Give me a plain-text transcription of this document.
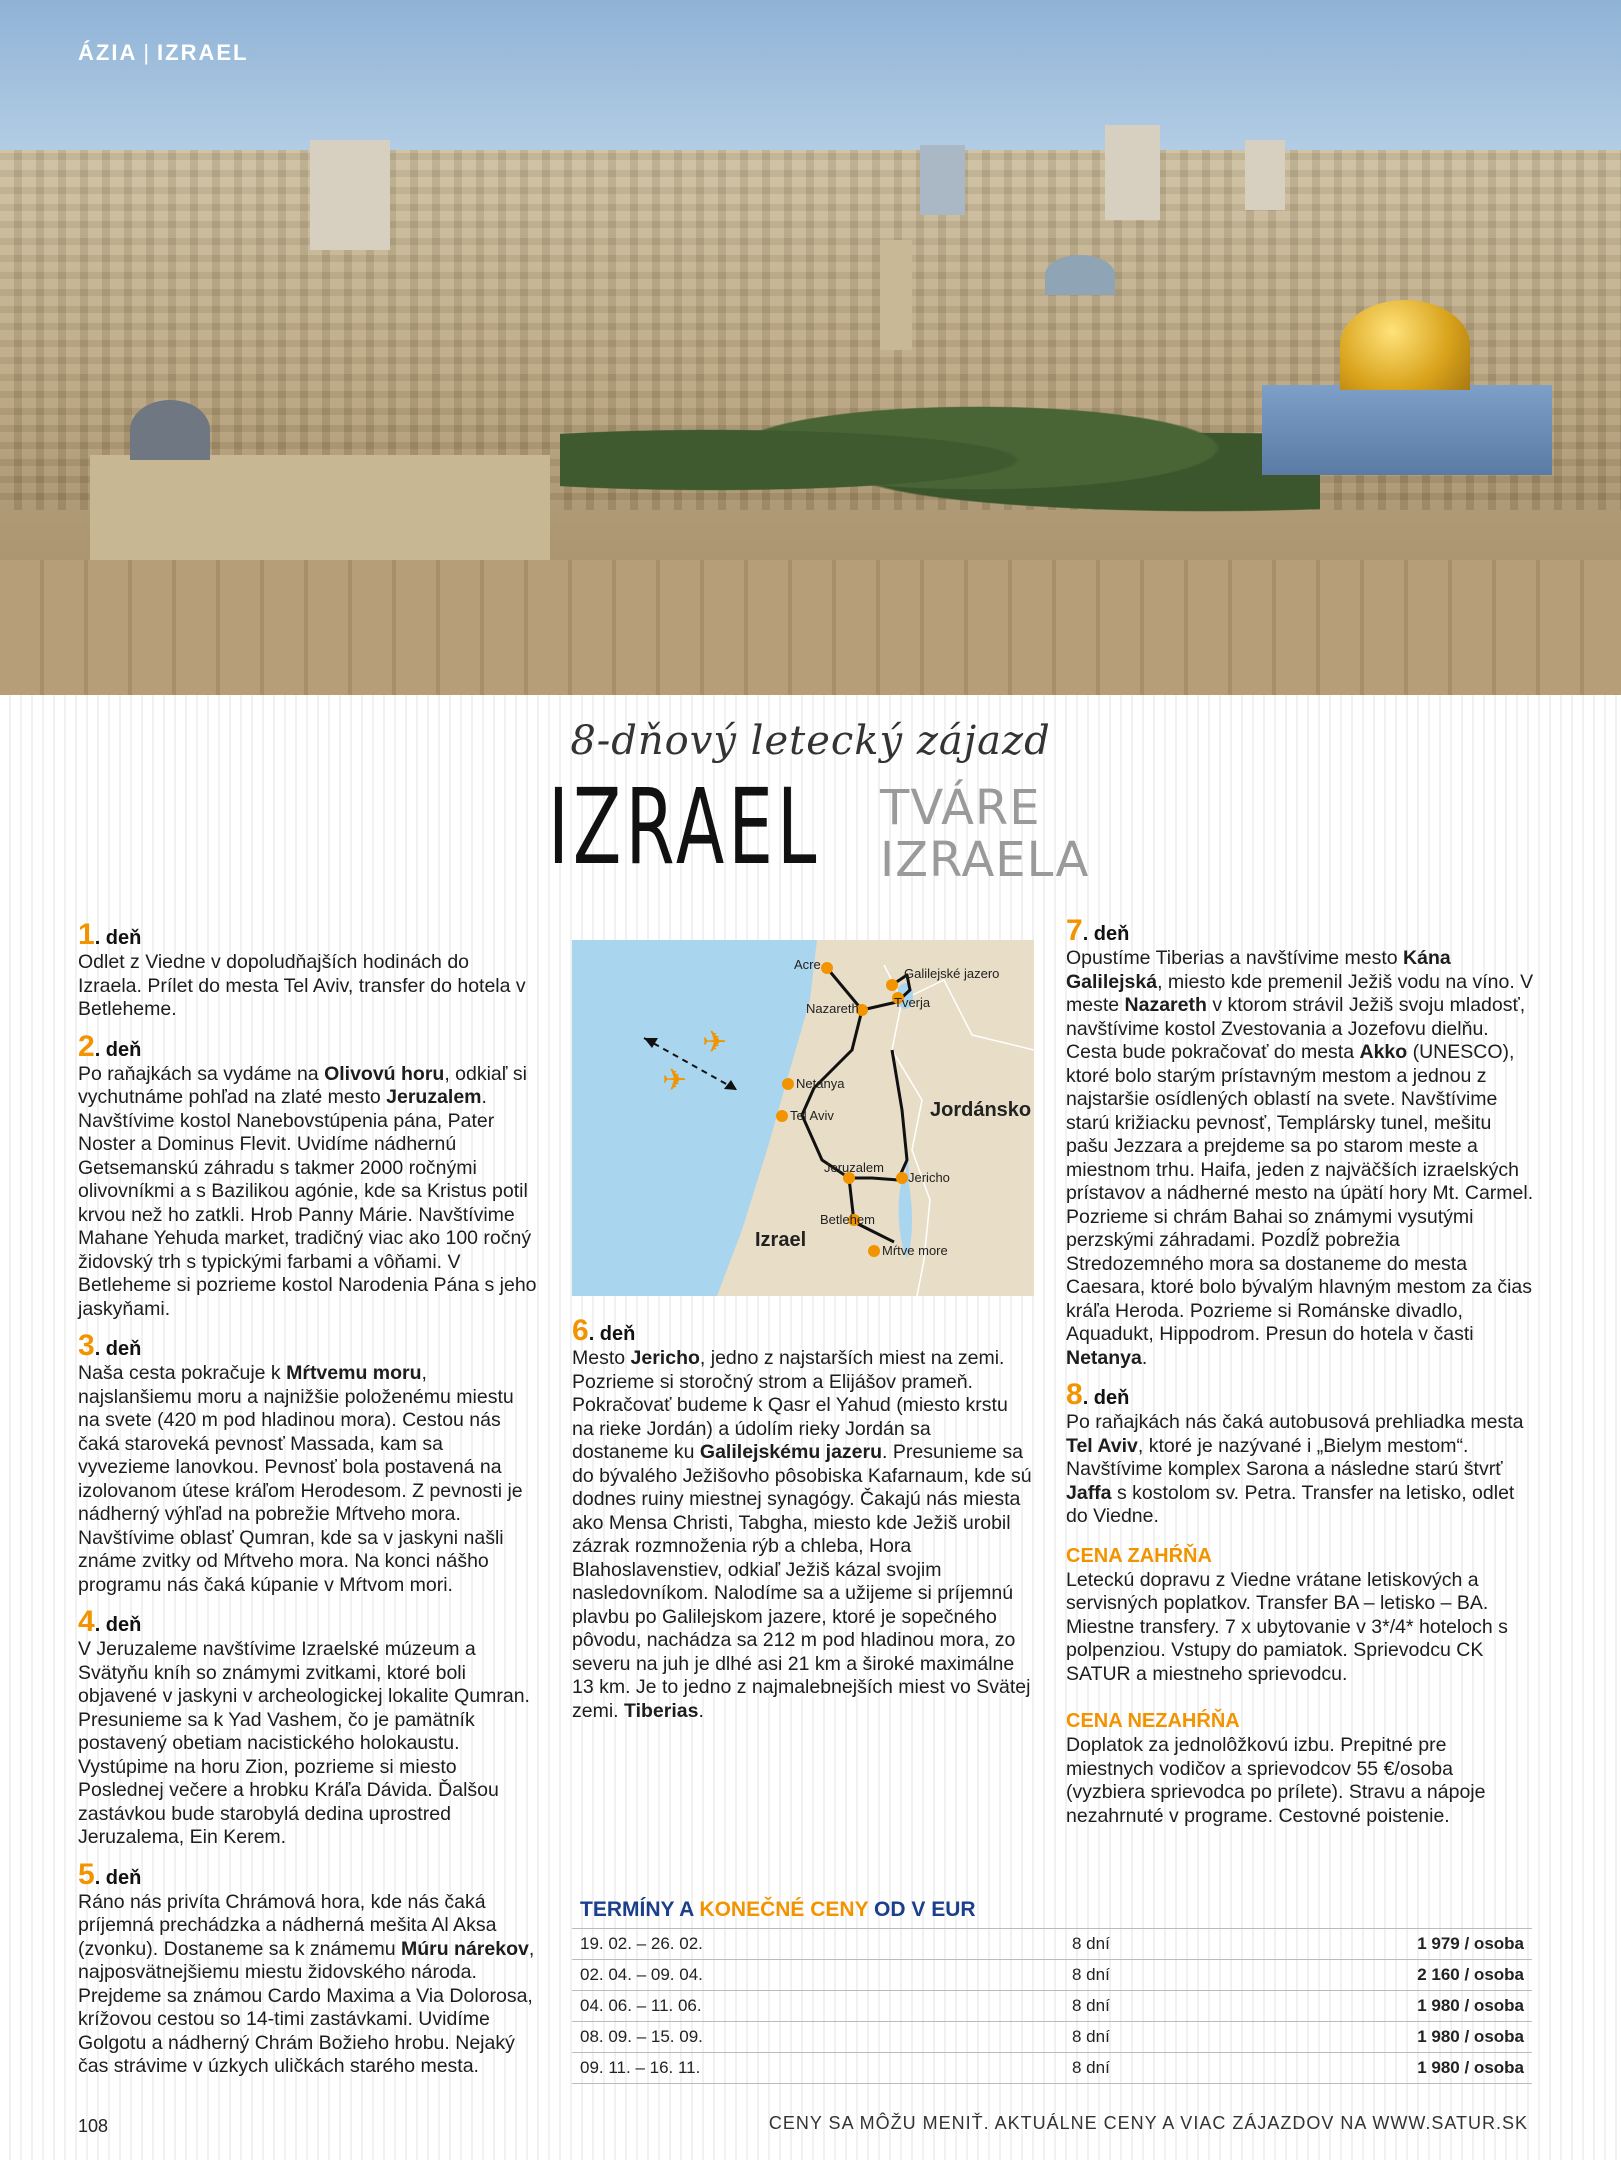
ÁZIA | IZRAEL
8-dňový letecký zájazd
IZRAEL TVÁRE
IZRAELA
1. deň
Odlet z Viedne v dopoludňajších hodinách do Izraela. Prílet do mesta Tel Aviv, transfer do hotela v Betleheme.
2. deň
Po raňajkách sa vydáme na Olivovú horu, odkiaľ si vychutnáme pohľad na zlaté mesto Jeruzalem. Navštívime kostol Nanebovstúpenia pána, Pater Noster a Dominus Flevit. Uvidíme nádhernú Getsemanskú záhradu s takmer 2000 ročnými olivovníkmi a s Bazilikou agónie, kde sa Kristus potil krvou než ho zatkli. Hrob Panny Márie. Navštívime Mahane Yehuda market, tradičný viac ako 100 ročný židovský trh s typickými farbami a vôňami. V Betleheme si pozrieme kostol Narodenia Pána s jeho jaskyňami.
3. deň
Naša cesta pokračuje k Mŕtvemu moru, najslanšiemu moru a najnižšie položenému miestu na svete (420 m pod hladinou mora). Cestou nás čaká staroveká pevnosť Massada, kam sa vyvezieme lanovkou. Pevnosť bola postavená na izolovanom útese kráľom Herodesom. Z pevnosti je nádherný výhľad na pobrežie Mŕtveho mora. Navštívime oblasť Qumran, kde sa v jaskyni našli známe zvitky od Mŕtveho mora. Na konci nášho programu nás čaká kúpanie v Mŕtvom mori.
4. deň
V Jeruzaleme navštívime Izraelské múzeum a Svätyňu kníh so známymi zvitkami, ktoré boli objavené v jaskyni v archeologickej lokalite Qumran. Presunieme sa k Yad Vashem, čo je pamätník postavený obetiam nacistického holokaustu. Vystúpime na horu Zion, pozrieme si miesto Poslednej večere a hrobku Kráľa Dávida. Ďalšou zastávkou bude starobylá dedina uprostred Jeruzalema, Ein Kerem.
5. deň
Ráno nás privíta Chrámová hora, kde nás čaká príjemná prechádzka a nádherná mešita Al Aksa (zvonku). Dostaneme sa k známemu Múru nárekov, najposvätnejšiemu miestu židovského národa. Prejdeme sa známou Cardo Maxima a Via Dolorosa, krížovou cestou so 14-timi zastávkami. Uvidíme Golgotu a nádherný Chrám Božieho hrobu. Nejaký čas strávime v úzkych uličkách starého mesta.
✈
✈
Acre
Galilejské jazero
Nazareth	Tverja
Netanya
Tel Aviv
Jeruzalem
Jericho
Betlehem
Mŕtve more
Izrael
Jordánsko
6. deň
Mesto Jericho, jedno z najstarších miest na zemi. Pozrieme si storočný strom a Elijášov prameň. Pokračovať budeme k Qasr el Yahud (miesto krstu na rieke Jordán) a údolím rieky Jordán sa dostaneme ku Galilejskému jazeru. Presunieme sa do bývalého Ježišovho pôsobiska Kafarnaum, kde sú dodnes ruiny miestnej synagógy. Čakajú nás miesta ako Mensa Christi, Tabgha, miesto kde Ježiš urobil zázrak rozmnoženia rýb a chleba, Hora Blahoslavenstiev, odkiaľ Ježiš kázal svojim nasledovníkom. Nalodíme sa a užijeme si príjemnú plavbu po Galilejskom jazere, ktoré je sopečného pôvodu, nachádza sa 212 m pod hladinou mora, zo severu na juh je dlhé asi 21 km a široké maximálne 13 km. Je to jedno z najmalebnejších miest vo Svätej zemi. Tiberias.
7. deň
Opustíme Tiberias a navštívime mesto Kána Galilejská, miesto kde premenil Ježiš vodu na víno. V meste Nazareth v ktorom strávil Ježiš svoju mladosť, navštívime kostol Zvestovania a Jozefovu dielňu. Cesta bude pokračovať do mesta Akko (UNESCO), ktoré bolo starým prístavným mestom a jednou z najstaršie osídlených oblastí na svete. Navštívime starú križiacku pevnosť, Templársky tunel, mešitu pašu Jezzara a prejdeme sa po starom meste a miestnom trhu. Haifa, jeden z najväčších izraelských prístavov a nádherné mesto na úpätí hory Mt. Carmel. Pozrieme si chrám Bahai so známymi vysutými perzskými záhradami. Pozdĺž pobrežia Stredozemného mora sa dostaneme do mesta Caesara, ktoré bolo bývalým hlavným mestom za čias kráľa Heroda. Pozrieme si Románske divadlo, Aquadukt, Hippodrom. Presun do hotela v časti Netanya.
8. deň
Po raňajkách nás čaká autobusová prehliadka mesta Tel Aviv, ktoré je nazývané i „Bielym mestom“. Navštívime komplex Sarona a následne starú štvrť Jaffa s kostolom sv. Petra. Transfer na letisko, odlet do Viedne.
CENA ZAHŔŇA
Leteckú dopravu z Viedne vrátane letiskových a servisných poplatkov. Transfer BA – letisko – BA. Miestne transfery. 7 x ubytovanie v 3*/4* hoteloch s polpenziou. Vstupy do pamiatok. Sprievodcu CK SATUR a miestneho sprievodcu.
CENA NEZAHŔŇA
Doplatok za jednolôžkovú izbu. Prepitné pre miestnych vodičov a sprievodcov 55 €/osoba (vyzbiera sprievodca po prílete). Stravu a nápoje nezahrnuté v programe. Cestovné poistenie.
TERMÍNY A KONEČNÉ CENY OD V EUR
19. 02. – 26. 02.	8 dní	1 979 / osoba
02. 04. – 09. 04.	8 dní	2 160 / osoba
04. 06. – 11. 06.	8 dní	1 980 / osoba
08. 09. – 15. 09.	8 dní	1 980 / osoba
09. 11. – 16. 11.	8 dní	1 980 / osoba
108	CENY SA MÔŽU MENIŤ. AKTUÁLNE CENY A VIAC ZÁJAZDOV NA WWW.SATUR.SK
